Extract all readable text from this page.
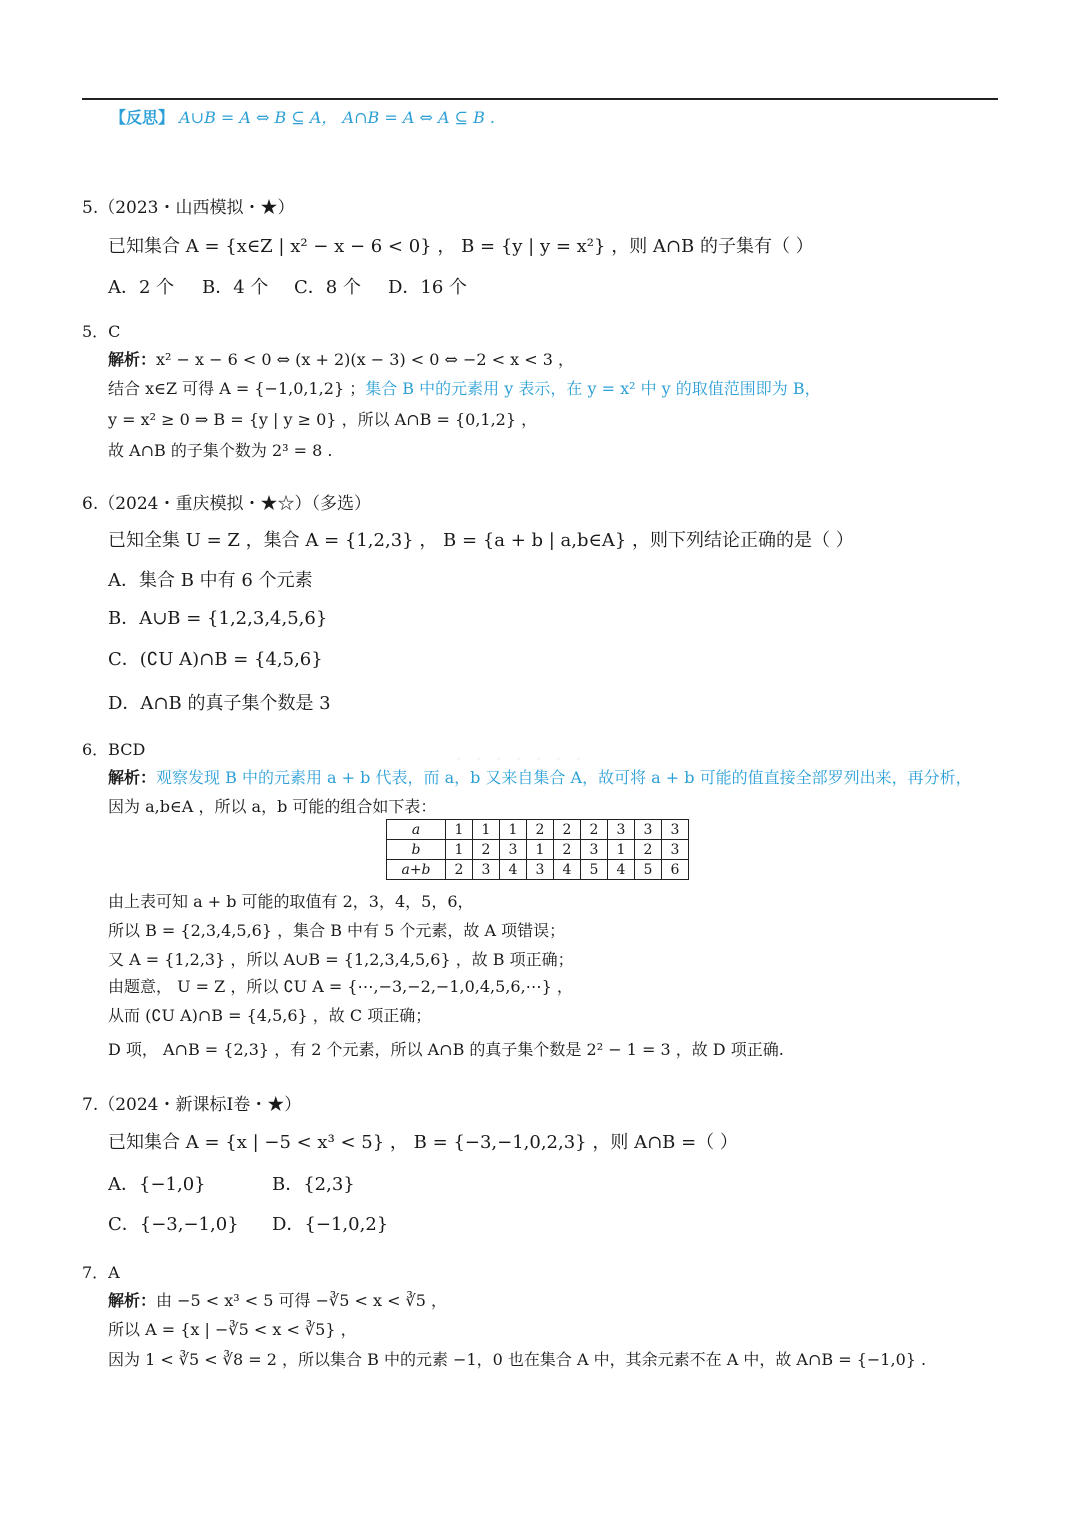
【反思】 A∪B = A ⇔ B ⊆ A， A∩B = A ⇔ A ⊆ B .
5.（2023・山西模拟・★）
已知集合 A = {x∈Z | x² − x − 6 < 0} ， B = {y | y = x²} ，则 A∩B 的子集有（ ）
A．2 个 B．4 个 C．8 个 D．16 个
5．C
解析：x² − x − 6 < 0 ⇔ (x + 2)(x − 3) < 0 ⇔ −2 < x < 3 ，
结合 x∈Z 可得 A = {−1,0,1,2} ；集合 B 中的元素用 y 表示，在 y = x² 中 y 的取值范围即为 B，
y = x² ≥ 0 ⇒ B = {y | y ≥ 0} ，所以 A∩B = {0,1,2} ，
故 A∩B 的子集个数为 2³ = 8 .
6.（2024・重庆模拟・★☆）（多选）
已知全集 U = Z ，集合 A = {1,2,3} ， B = {a + b | a,b∈A} ，则下列结论正确的是（ ）
A．集合 B 中有 6 个元素
B．A∪B = {1,2,3,4,5,6}
C．(∁U A)∩B = {4,5,6}
D．A∩B 的真子集个数是 3
6．BCD
解析：观察发现 B 中的元素用 a + b 代表，而 a，b 又来自集合 A，故可将 a + b 可能的值直接全部罗列出来，再分析，
因为 a,b∈A ，所以 a，b 可能的组合如下表：
a	1	1	1	2	2	2	3	3	3
b	1	2	3	1	2	3	1	2	3
a+b	2	3	4	3	4	5	4	5	6
由上表可知 a + b 可能的取值有 2，3，4，5，6，
所以 B = {2,3,4,5,6} ，集合 B 中有 5 个元素，故 A 项错误；
又 A = {1,2,3} ，所以 A∪B = {1,2,3,4,5,6} ，故 B 项正确；
由题意， U = Z ，所以 ∁U A = {⋯,−3,−2,−1,0,4,5,6,⋯} ，
从而 (∁U A)∩B = {4,5,6} ，故 C 项正确；
D 项， A∩B = {2,3} ，有 2 个元素，所以 A∩B 的真子集个数是 2² − 1 = 3 ，故 D 项正确.
7.（2024・新课标Ⅰ卷・★）
已知集合 A = {x | −5 < x³ < 5} ， B = {−3,−1,0,2,3} ，则 A∩B =（ ）
A．{−1,0}	B．{2,3}
C．{−3,−1,0} D．{−1,0,2}
7．A
解析：由 −5 < x³ < 5 可得 −∛5 < x < ∛5 ，
所以 A = {x | −∛5 < x < ∛5} ，
因为 1 < ∛5 < ∛8 = 2 ，所以集合 B 中的元素 −1，0 也在集合 A 中，其余元素不在 A 中，故 A∩B = {−1,0} .
